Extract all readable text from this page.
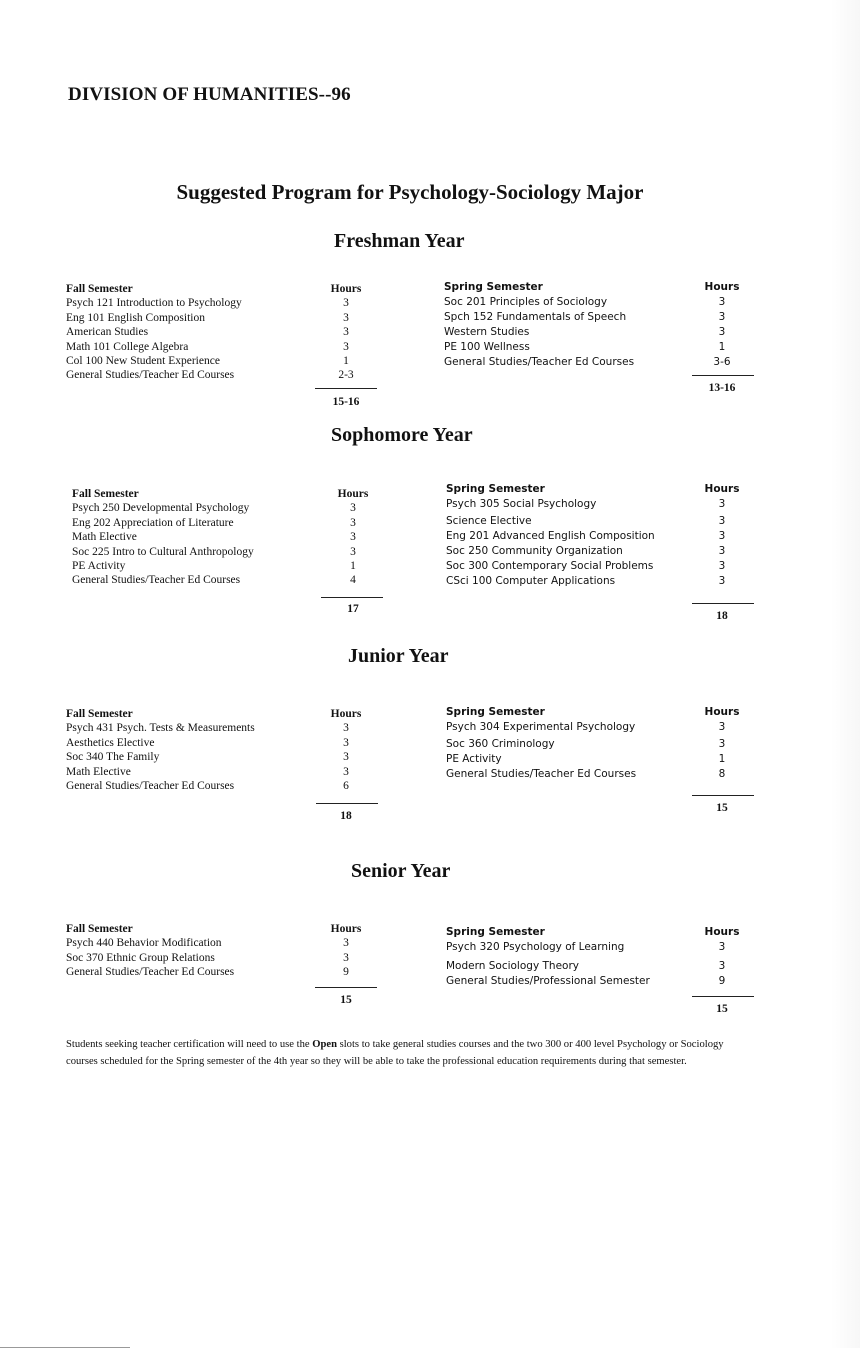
DIVISION OF HUMANITIES--96
Suggested Program for Psychology-Sociology Major
Freshman Year
Fall Semester
Psych 121 Introduction to Psychology
Eng 101 English Composition
American Studies
Math 101 College Algebra
Col 100 New Student Experience
General Studies/Teacher Ed Courses
Hours
3
3
3
3
1
2-3
15-16
Spring Semester
Soc 201 Principles of Sociology
Spch 152 Fundamentals of Speech
Western Studies
PE 100 Wellness
General Studies/Teacher Ed Courses
Hours
3
3
3
1
3-6
13-16
Sophomore Year
Fall Semester
Psych 250 Developmental Psychology
Eng 202 Appreciation of Literature
Math Elective
Soc 225 Intro to Cultural Anthropology
PE Activity
General Studies/Teacher Ed Courses
Hours
3
3
3
3
1
4
17
Spring Semester
Psych 305 Social Psychology
Science Elective
Eng 201 Advanced English Composition
Soc 250 Community Organization
Soc 300 Contemporary Social Problems
CSci 100 Computer Applications
Hours
3
3
3
3
3
3
18
Junior Year
Fall Semester
Psych 431 Psych. Tests & Measurements
Aesthetics Elective
Soc 340 The Family
Math Elective
General Studies/Teacher Ed Courses
Hours
3
3
3
3
6
18
Spring Semester
Psych 304 Experimental Psychology
Soc 360 Criminology
PE Activity
General Studies/Teacher Ed Courses
Hours
3
3
1
8
15
Senior Year
Fall Semester
Psych 440 Behavior Modification
Soc 370 Ethnic Group Relations
General Studies/Teacher Ed Courses
Hours
3
3
9
15
Spring Semester
Psych 320 Psychology of Learning
Modern Sociology Theory
General Studies/Professional Semester
Hours
3
3
9
15
Students seeking teacher certification will need to use the Open slots to take general studies courses and the two 300 or 400 level Psychology or Sociology courses scheduled for the Spring semester of the 4th year so they will be able to take the professional education requirements during that semester.
